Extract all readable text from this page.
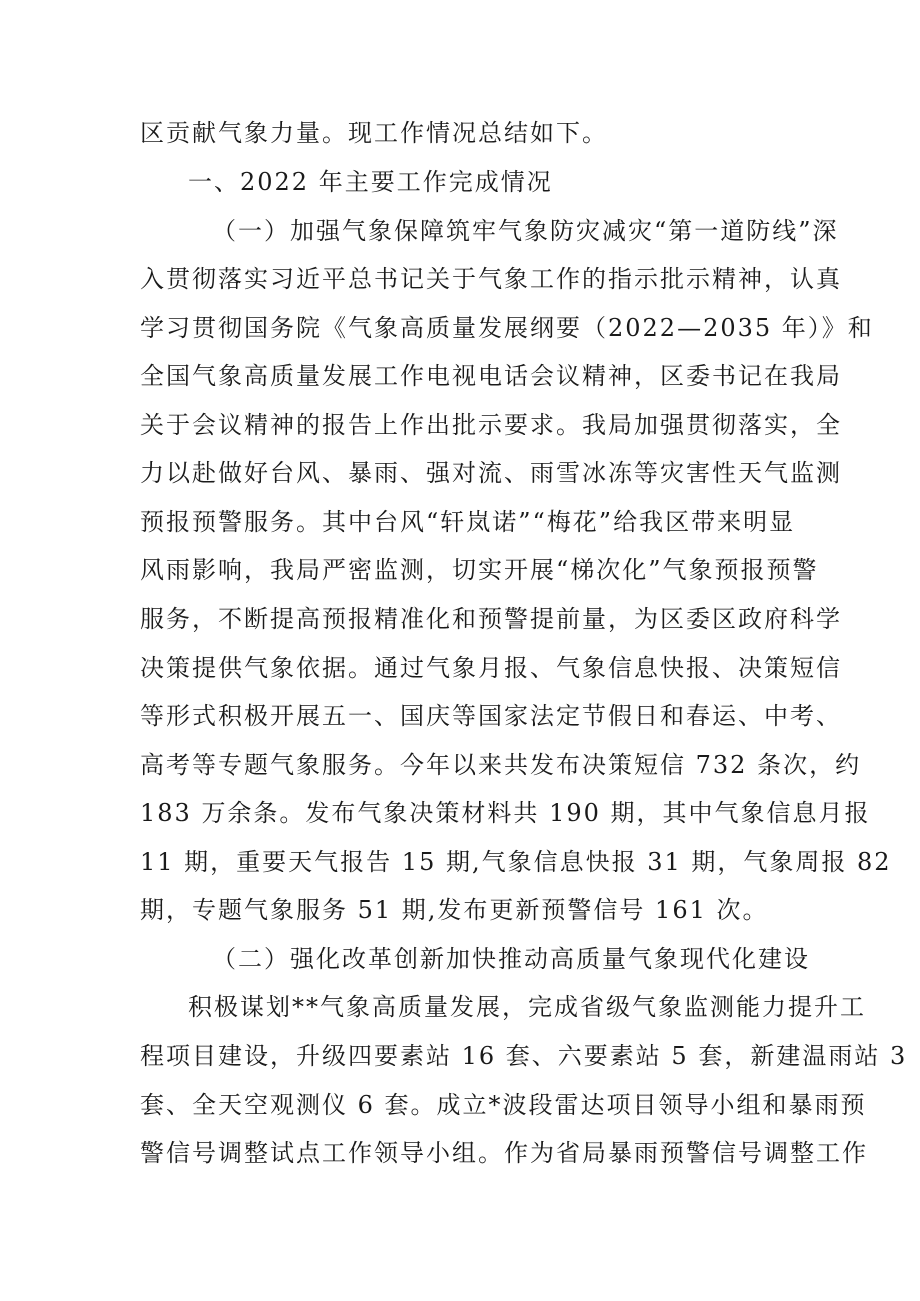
区贡献气象力量。现工作情况总结如下。

一、2022 年主要工作完成情况

（一）加强气象保障筑牢气象防灾减灾“第一道防线”深

入贯彻落实习近平总书记关于气象工作的指示批示精神，认真

学习贯彻国务院《气象高质量发展纲要（2022—2035 年）》和

全国气象高质量发展工作电视电话会议精神，区委书记在我局

关于会议精神的报告上作出批示要求。我局加强贯彻落实，全

力以赴做好台风、暴雨、强对流、雨雪冰冻等灾害性天气监测

预报预警服务。其中台风“轩岚诺”“梅花”给我区带来明显

风雨影响，我局严密监测，切实开展“梯次化”气象预报预警

服务，不断提高预报精准化和预警提前量，为区委区政府科学

决策提供气象依据。通过气象月报、气象信息快报、决策短信

等形式积极开展五一、国庆等国家法定节假日和春运、中考、

高考等专题气象服务。今年以来共发布决策短信 732 条次，约

183 万余条。发布气象决策材料共 190 期，其中气象信息月报

11 期，重要天气报告 15 期,气象信息快报 31 期，气象周报 82

期，专题气象服务 51 期,发布更新预警信号 161 次。

（二）强化改革创新加快推动高质量气象现代化建设

积极谋划**气象高质量发展，完成省级气象监测能力提升工

程项目建设，升级四要素站 16 套、六要素站 5 套，新建温雨站 3

套、全天空观测仪 6 套。成立*波段雷达项目领导小组和暴雨预

警信号调整试点工作领导小组。作为省局暴雨预警信号调整工作
